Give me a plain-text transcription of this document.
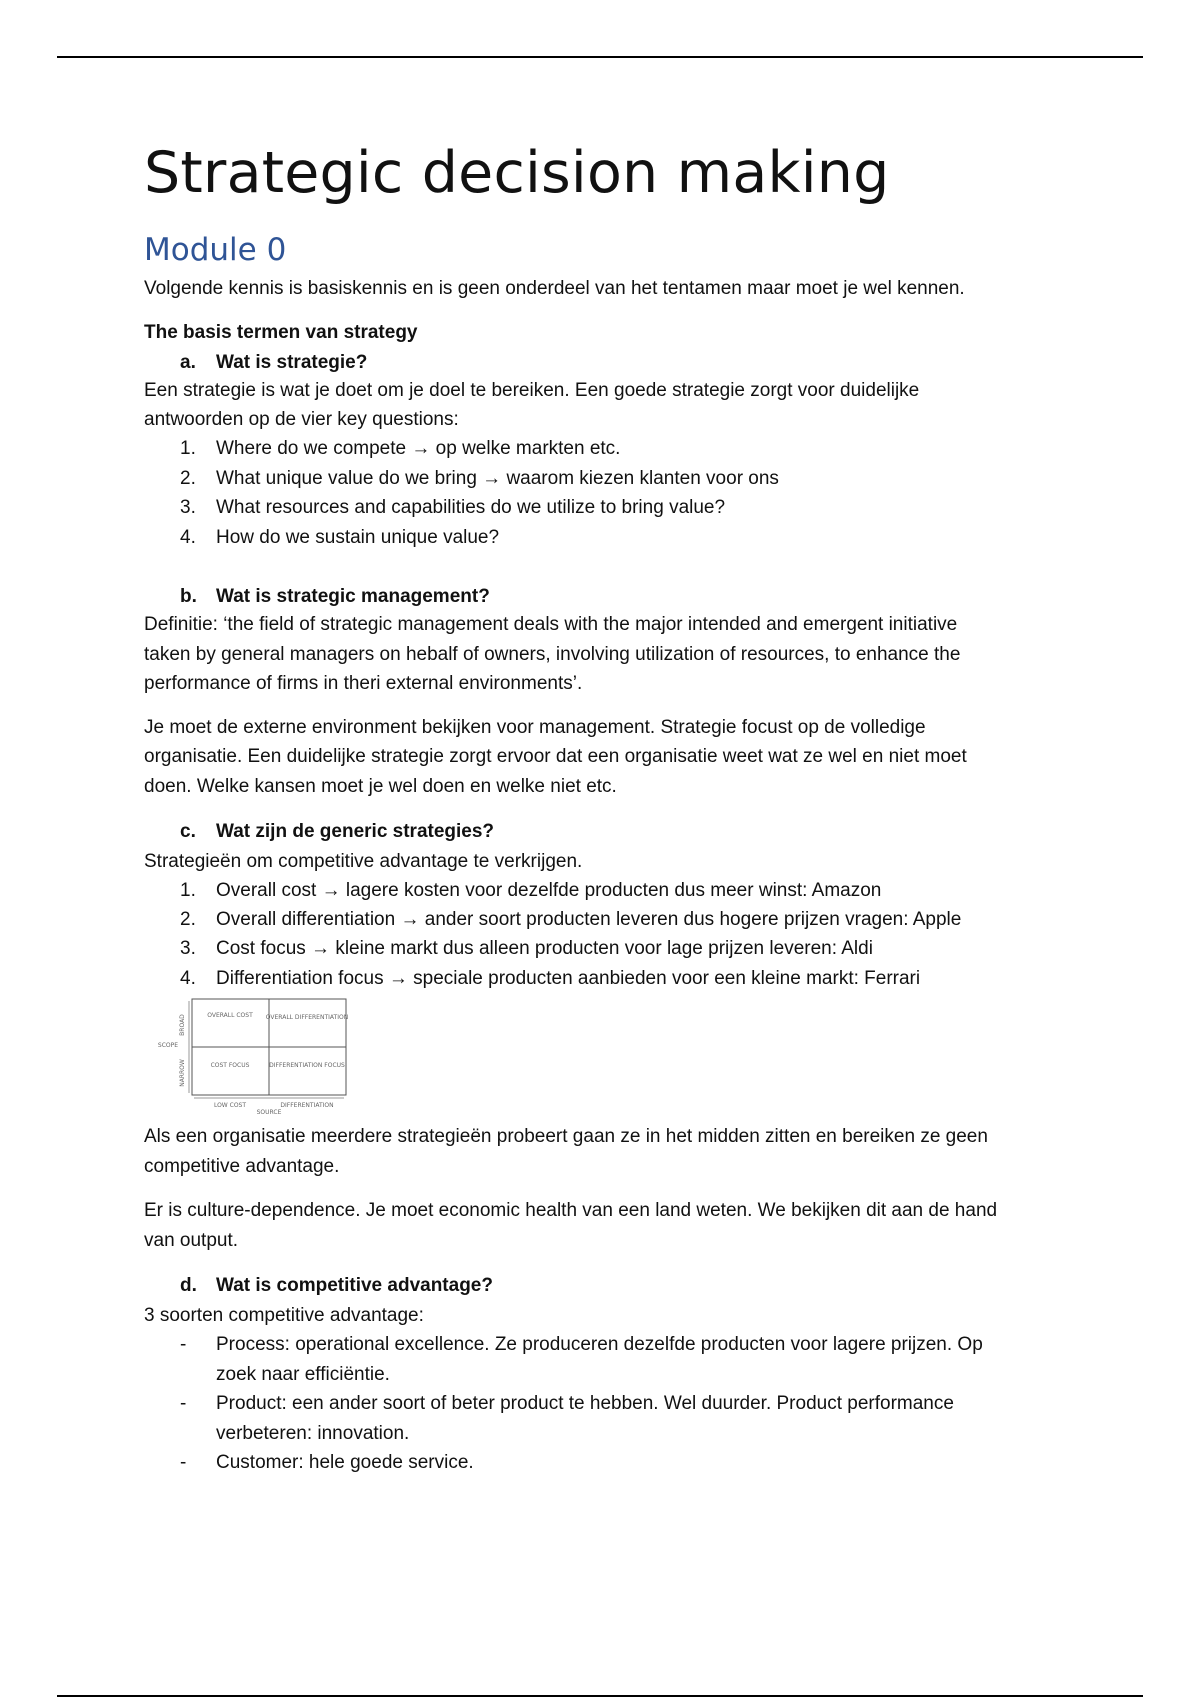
Strategic decision making
Module 0
Volgende kennis is basiskennis en is geen onderdeel van het tentamen maar moet je wel kennen.
The basis termen van strategy
a. Wat is strategie?
Een strategie is wat je doet om je doel te bereiken. Een goede strategie zorgt voor duidelijke
antwoorden op de vier key questions:
1.	Where do we compete → op welke markten etc.
2.	What unique value do we bring → waarom kiezen klanten voor ons
3.	What resources and capabilities do we utilize to bring value?
4.	How do we sustain unique value?
b. Wat is strategic management?
Definitie: ‘the field of strategic management deals with the major intended and emergent initiative
taken by general managers on hebalf of owners, involving utilization of resources, to enhance the
performance of firms in theri external environments’.
Je moet de externe environment bekijken voor management. Strategie focust op de volledige
organisatie. Een duidelijke strategie zorgt ervoor dat een organisatie weet wat ze wel en niet moet
doen. Welke kansen moet je wel doen en welke niet etc.
c. Wat zijn de generic strategies?
Strategieën om competitive advantage te verkrijgen.
1.	Overall cost → lagere kosten voor dezelfde producten dus meer winst: Amazon
2.	Overall differentiation → ander soort producten leveren dus hogere prijzen vragen: Apple
3.	Cost focus → kleine markt dus alleen producten voor lage prijzen leveren: Aldi
4.	Differentiation focus → speciale producten aanbieden voor een kleine markt: Ferrari
OVERALL COST OVERALL DIFFERENTIATION
COST FOCUS	DIFFERENTIATION FOCUS
SCOPE
BROAD
NARROW
LOW COST	DIFFERENTIATION
SOURCE
Als een organisatie meerdere strategieën probeert gaan ze in het midden zitten en bereiken ze geen
competitive advantage.
Er is culture-dependence. Je moet economic health van een land weten. We bekijken dit aan de hand
van output.
d. Wat is competitive advantage?
3 soorten competitive advantage:
- Process: operational excellence. Ze produceren dezelfde producten voor lagere prijzen. Op
zoek naar efficiëntie.
- Product: een ander soort of beter product te hebben. Wel duurder. Product performance
verbeteren: innovation.
- Customer: hele goede service.
